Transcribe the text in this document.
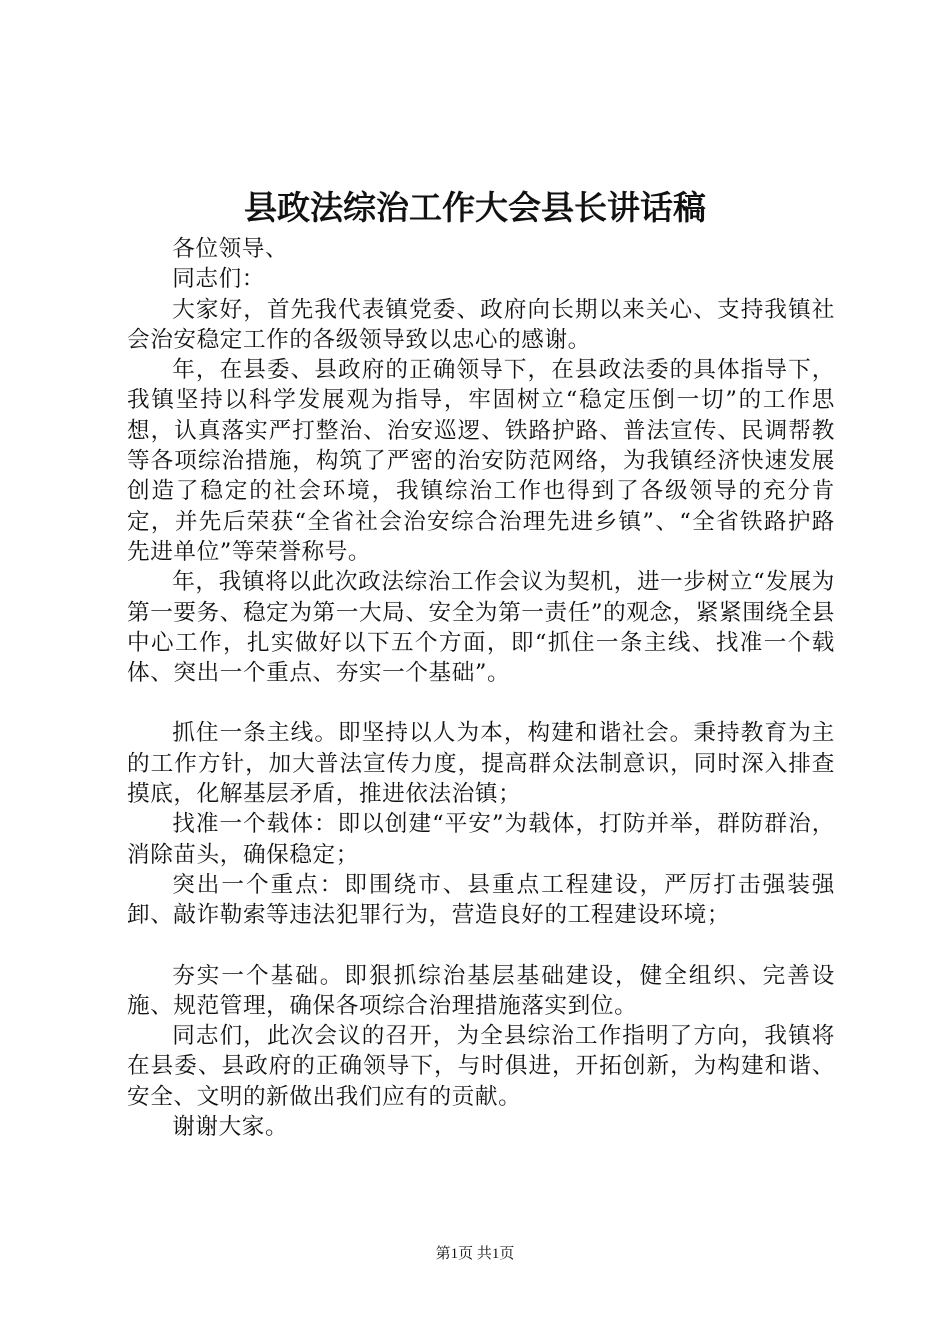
县政法综治工作大会县长讲话稿

各位领导、

同志们：

大家好，首先我代表镇党委、政府向长期以来关心、支持我镇社会治安稳定工作的各级领导致以忠心的感谢。

年，在县委、县政府的正确领导下，在县政法委的具体指导下，我镇坚持以科学发展观为指导，牢固树立“稳定压倒一切”的工作思想，认真落实严打整治、治安巡逻、铁路护路、普法宣传、民调帮教等各项综治措施，构筑了严密的治安防范网络，为我镇经济快速发展创造了稳定的社会环境，我镇综治工作也得到了各级领导的充分肯定，并先后荣获“全省社会治安综合治理先进乡镇”、“全省铁路护路先进单位”等荣誉称号。

年，我镇将以此次政法综治工作会议为契机，进一步树立“发展为第一要务、稳定为第一大局、安全为第一责任”的观念，紧紧围绕全县中心工作，扎实做好以下五个方面，即“抓住一条主线、找准一个载体、突出一个重点、夯实一个基础”。

抓住一条主线。即坚持以人为本，构建和谐社会。秉持教育为主的工作方针，加大普法宣传力度，提高群众法制意识，同时深入排查摸底，化解基层矛盾，推进依法治镇；

找准一个载体：即以创建“平安”为载体，打防并举，群防群治，消除苗头，确保稳定；

突出一个重点：即围绕市、县重点工程建设，严厉打击强装强卸、敲诈勒索等违法犯罪行为，营造良好的工程建设环境；

夯实一个基础。即狠抓综治基层基础建设，健全组织、完善设施、规范管理，确保各项综合治理措施落实到位。

同志们，此次会议的召开，为全县综治工作指明了方向，我镇将在县委、县政府的正确领导下，与时俱进，开拓创新，为构建和谐、安全、文明的新做出我们应有的贡献。

谢谢大家。

第1页 共1页
